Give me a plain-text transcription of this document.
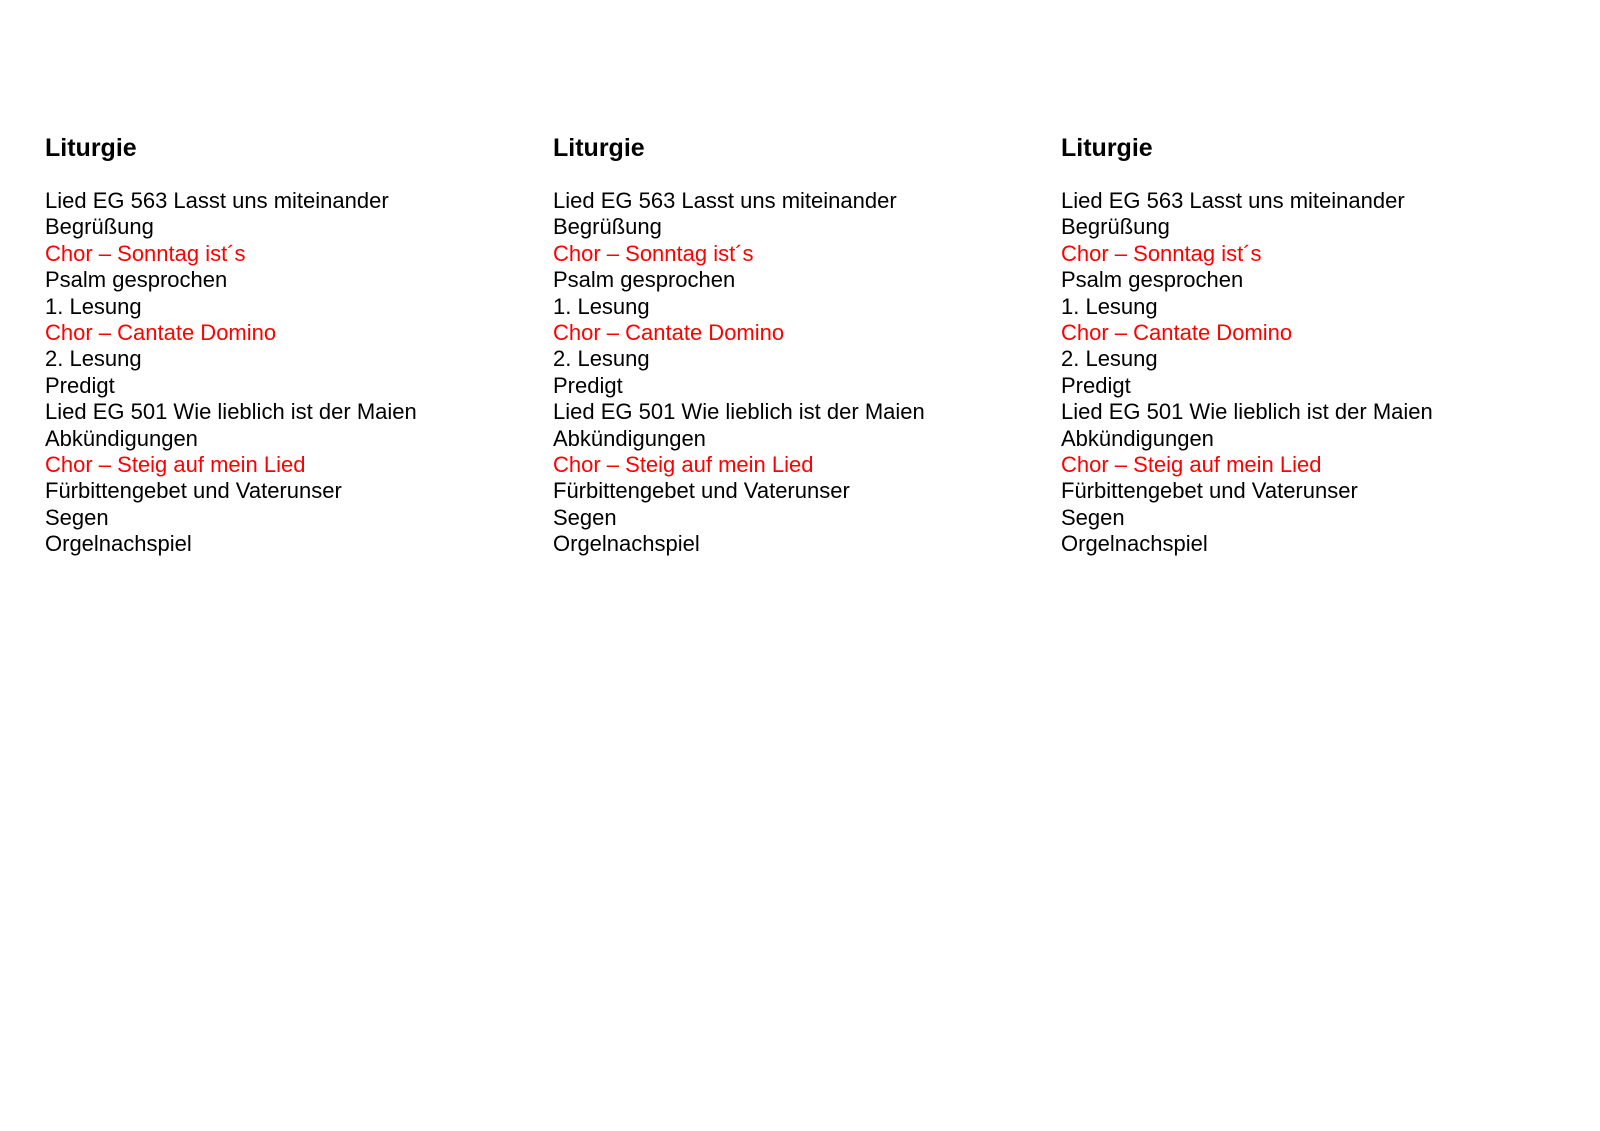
Liturgie
Lied EG 563 Lasst uns miteinander
Begrüßung
Chor – Sonntag ist´s
Psalm gesprochen
1. Lesung
Chor – Cantate Domino
2. Lesung
Predigt
Lied EG 501 Wie lieblich ist der Maien
Abkündigungen
Chor – Steig auf mein Lied
Fürbittengebet und Vaterunser
Segen
Orgelnachspiel
Liturgie
Lied EG 563 Lasst uns miteinander
Begrüßung
Chor – Sonntag ist´s
Psalm gesprochen
1. Lesung
Chor – Cantate Domino
2. Lesung
Predigt
Lied EG 501 Wie lieblich ist der Maien
Abkündigungen
Chor – Steig auf mein Lied
Fürbittengebet und Vaterunser
Segen
Orgelnachspiel
Liturgie
Lied EG 563 Lasst uns miteinander
Begrüßung
Chor – Sonntag ist´s
Psalm gesprochen
1. Lesung
Chor – Cantate Domino
2. Lesung
Predigt
Lied EG 501 Wie lieblich ist der Maien
Abkündigungen
Chor – Steig auf mein Lied
Fürbittengebet und Vaterunser
Segen
Orgelnachspiel
